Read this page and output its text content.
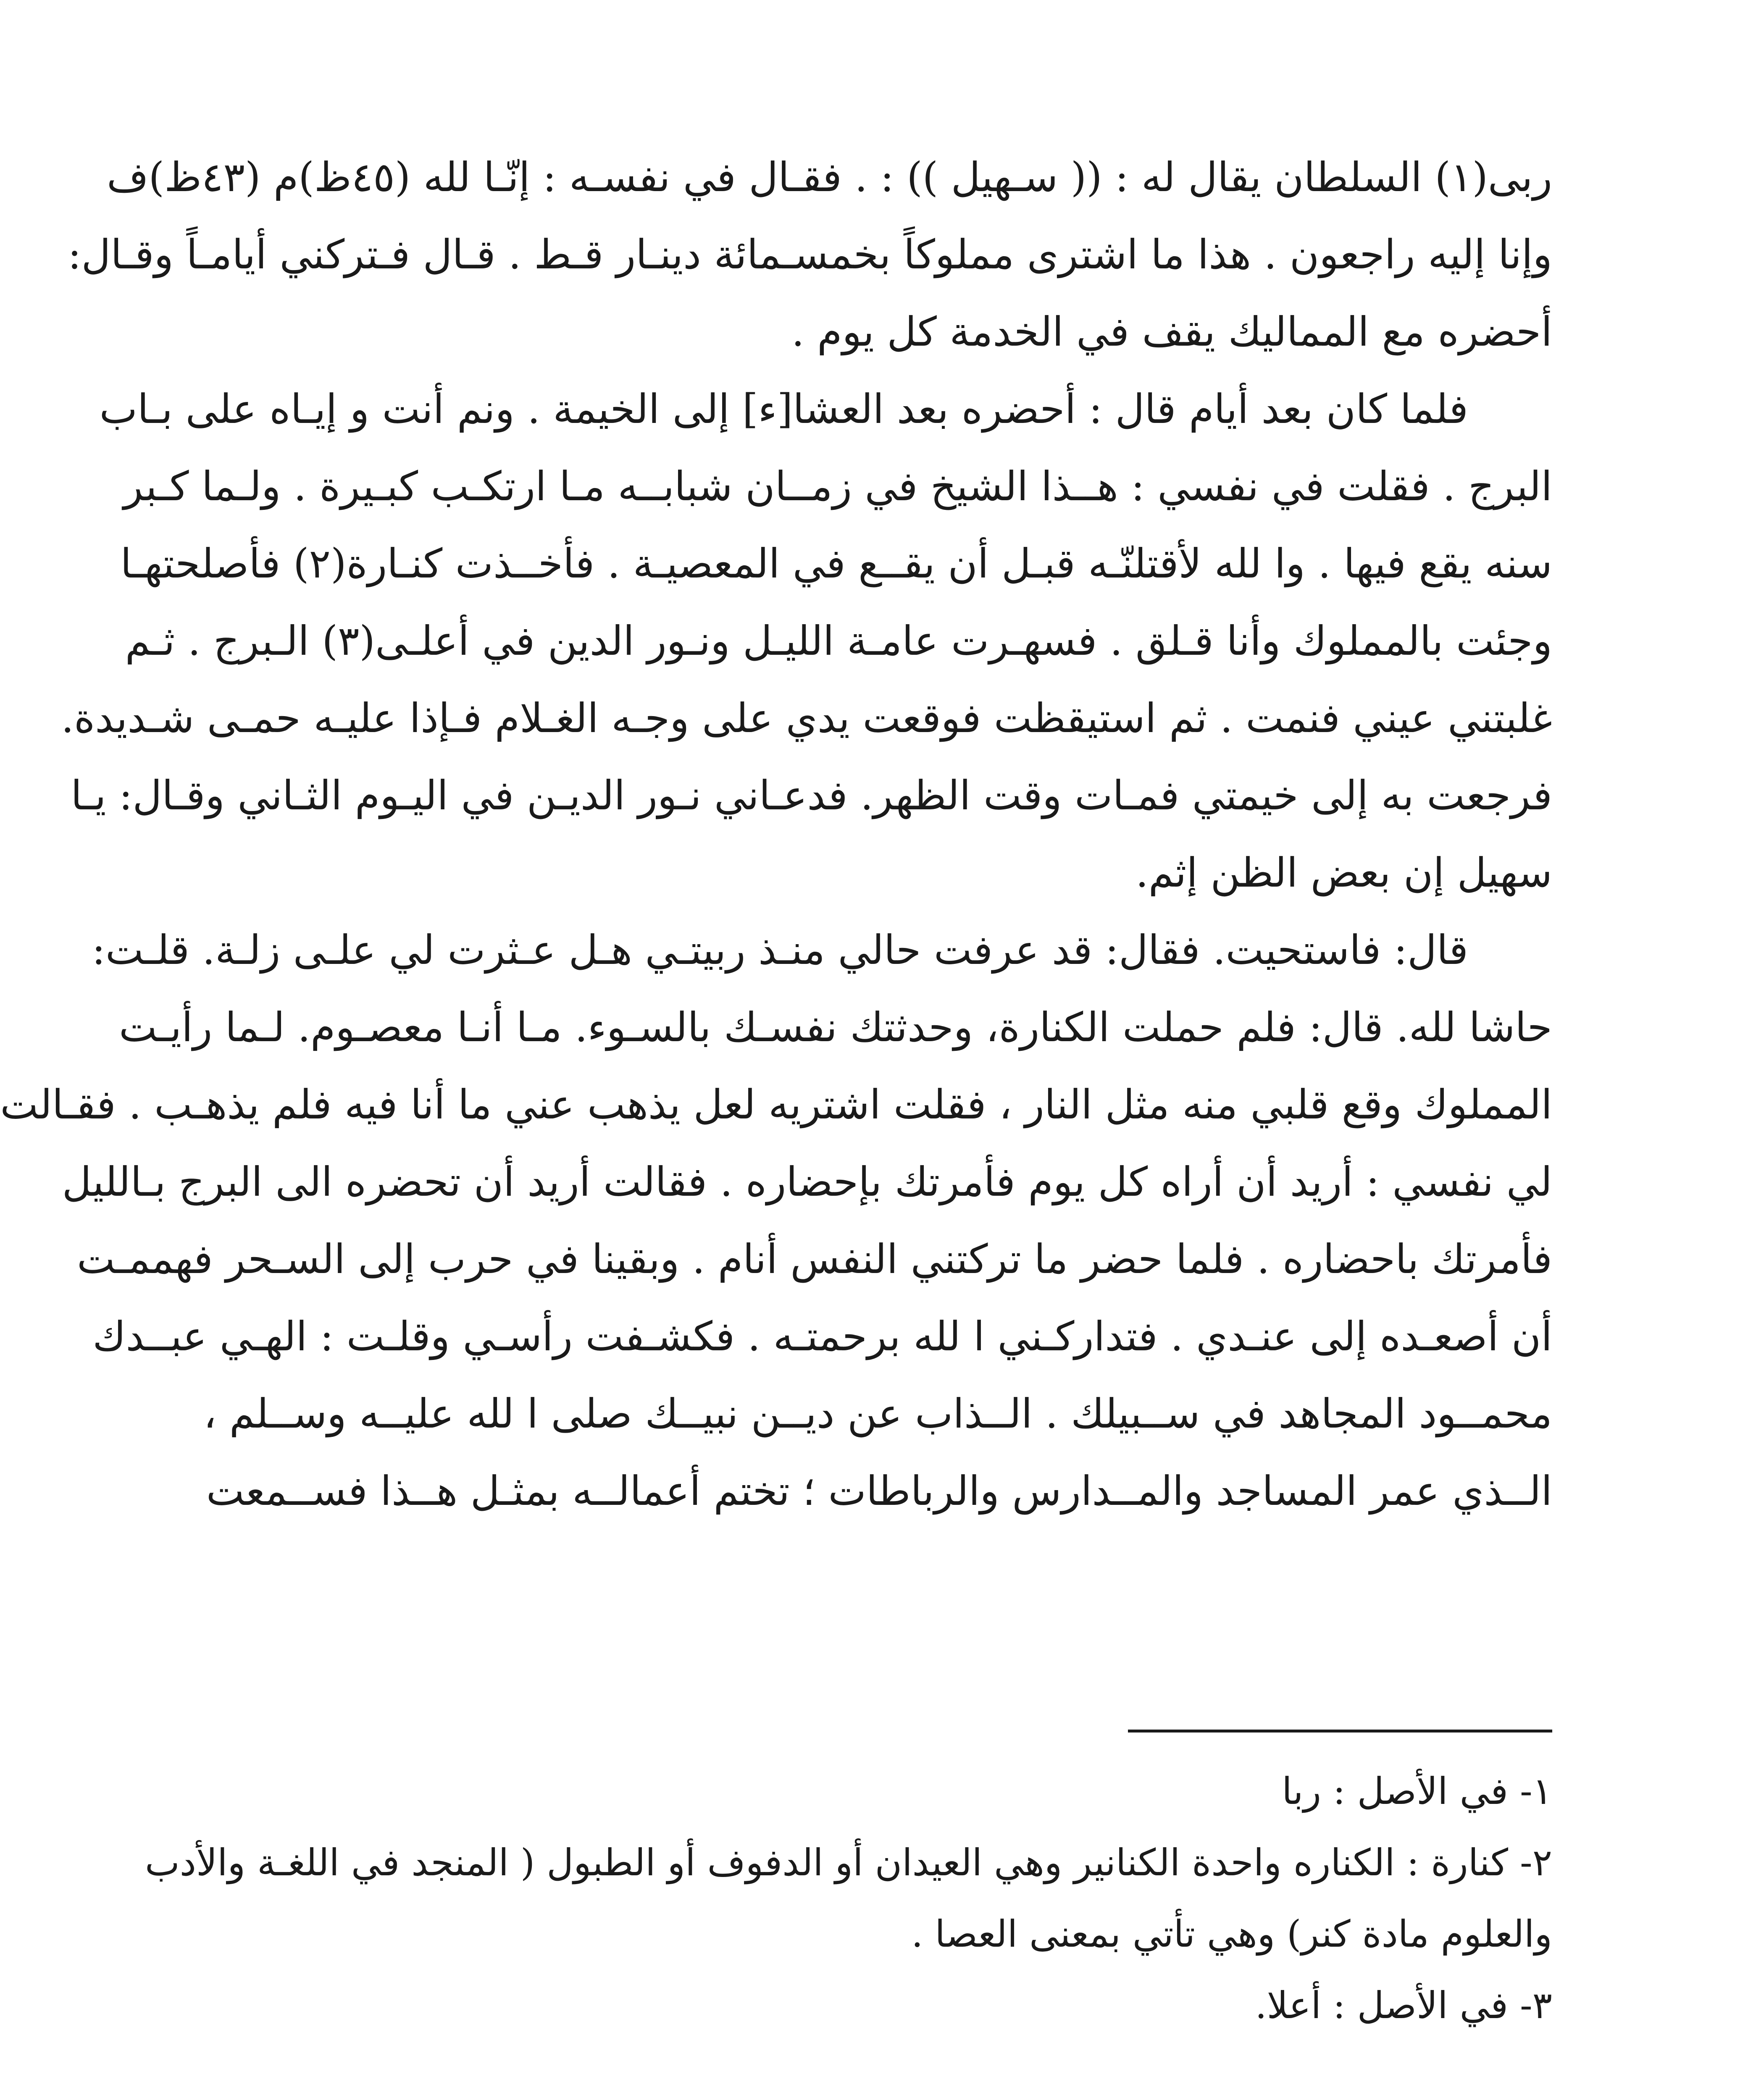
ربى(١) السلطان يقال له : (( سـهيل )) : . فقـال في نفسـه : إنّـا لله (٤٥ظ)م (٤٣ظ)ف
وإنا إليه راجعون . هذا ما اشترى مملوكاً بخمسـمائة دينـار قـط . قـال فـتركني أيامـاً وقـال:
أحضره مع المماليك يقف في الخدمة كل يوم .
فلما كان بعد أيام قال : أحضره بعد العشا[ء] إلى الخيمة . ونم أنت و إيـاه على بـاب
البرج . فقلت في نفسي : هــذا الشيخ في زمــان شبابــه مـا ارتكـب كبـيرة . ولـما كـبر
سنه يقع فيها . وا لله لأقتلنّـه قبـل أن يقــع في المعصيـة . فأخــذت كنـارة(٢) فأصلحتهـا
وجئت بالمملوك وأنا قـلق . فسهـرت عامـة الليـل ونـور الدين في أعلـى(٣) الـبرج . ثـم
غلبتني عيني فنمت . ثم استيقظت فوقعت يدي على وجـه الغـلام فـإذا عليـه حمـى شـديدة.
فرجعت به إلى خيمتي فمـات وقت الظهر. فدعـاني نـور الديـن في اليـوم الثـاني وقـال: يـا
سهيل إن بعض الظن إثم.
قال: فاستحيت. فقال: قد عرفت حالي منـذ ربيتـي هـل عـثرت لي علـى زلـة. قلـت:
حاشا لله. قال: فلم حملت الكنارة، وحدثتك نفسـك بالسـوء. مـا أنـا معصـوم. لـما رأيـت
المملوك وقع قلبي منه مثل النار ، فقلت اشتريه لعل يذهب عني ما أنا فيه فلم يذهـب . فقـالت
لي نفسي : أريد أن أراه كل يوم فأمرتك بإحضاره . فقالت أريد أن تحضره الى البرج بـالليل
فأمرتك باحضاره . فلما حضر ما تركتني النفس أنام . وبقينا في حرب إلى السـحر فهممـت
أن أصعـده إلى عنـدي . فتداركـني ا لله برحمتـه . فكشـفت رأسـي وقلـت : الهـي عبــدك
محمــود المجاهد في ســبيلك . الــذاب عن ديــن نبيــك صلى ا لله عليــه وســلم ،
الــذي عمر المساجد والمــدارس والرباطات ؛ تختم أعمالــه بمثـل هــذا فســمعت
١- في الأصل : ربا
٢- كنارة : الكناره واحدة الكنانير وهي العيدان أو الدفوف أو الطبول ( المنجد في اللغـة والأدب
والعلوم مادة كنر) وهي تأتي بمعنى العصا .
٣- في الأصل : أعلا.
